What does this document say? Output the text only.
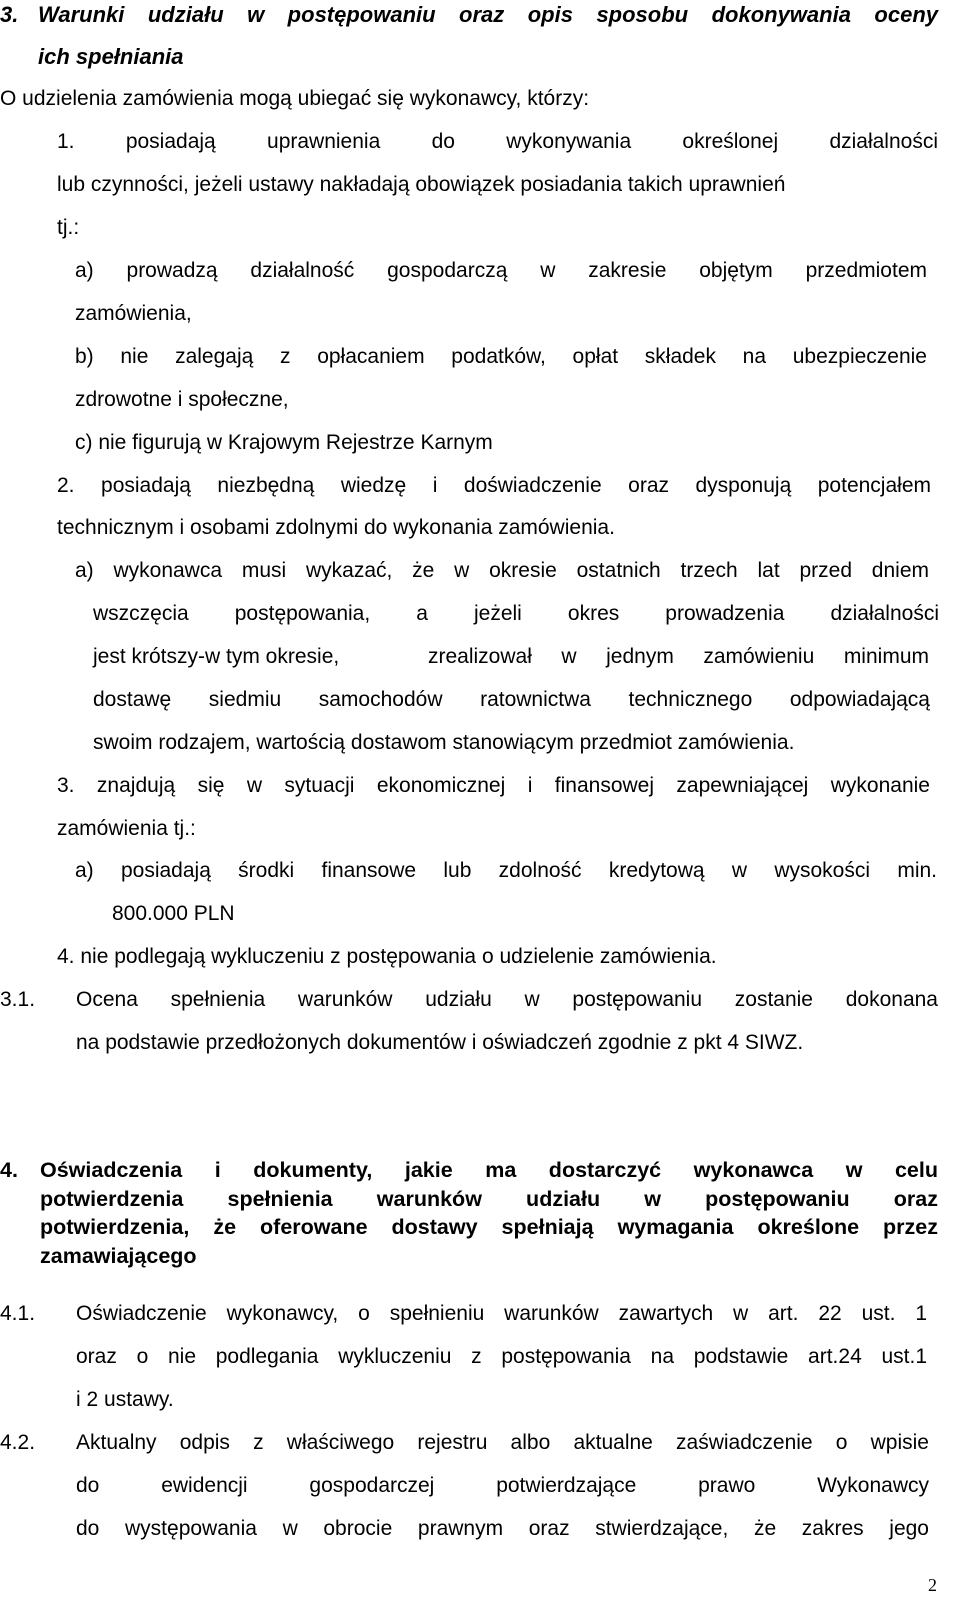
3. Warunki udziału w postępowaniu oraz opis sposobu dokonywania oceny

ich spełniania

O udzielenia zamówienia mogą ubiegać się wykonawcy, którzy:

1. posiadają uprawnienia do wykonywania określonej działalności

lub czynności, jeżeli ustawy nakładają obowiązek posiadania takich uprawnień

tj.:

a) prowadzą działalność gospodarczą w zakresie objętym przedmiotem

zamówienia,

b) nie zalegają z opłacaniem podatków, opłat składek na ubezpieczenie

zdrowotne i społeczne,

c) nie figurują w Krajowym Rejestrze Karnym

2. posiadają niezbędną wiedzę i doświadczenie oraz dysponują potencjałem

technicznym i osobami zdolnymi do wykonania zamówienia.

a) wykonawca musi wykazać, że w okresie ostatnich trzech lat przed dniem

wszczęcia postępowania, a jeżeli okres prowadzenia działalności

jest krótszy-w tym okresie,	zrealizował w jednym zamówieniu minimum

dostawę siedmiu samochodów ratownictwa technicznego odpowiadającą

swoim rodzajem, wartością dostawom stanowiącym przedmiot zamówienia.

3. znajdują się w sytuacji ekonomicznej i finansowej zapewniającej wykonanie

zamówienia tj.:

a) posiadają środki finansowe lub zdolność kredytową w wysokości min.

800.000 PLN

4. nie podlegają wykluczeniu z postępowania o udzielenie zamówienia.

3.1. Ocena spełnienia warunków udziału w postępowaniu zostanie dokonana

na podstawie przedłożonych dokumentów i oświadczeń zgodnie z pkt 4 SIWZ.

4. Oświadczenia i dokumenty, jakie ma dostarczyć wykonawca w celu

potwierdzenia spełnienia warunków udziału w postępowaniu oraz

potwierdzenia, że oferowane dostawy spełniają wymagania określone przez

zamawiającego

4.1. Oświadczenie wykonawcy, o spełnieniu warunków zawartych w art. 22 ust. 1

oraz o nie podlegania wykluczeniu z postępowania na podstawie art.24 ust.1

i 2 ustawy.

4.2. Aktualny odpis z właściwego rejestru albo aktualne zaświadczenie o wpisie

do ewidencji gospodarczej potwierdzające prawo Wykonawcy

do występowania w obrocie prawnym oraz stwierdzające, że zakres jego

2
